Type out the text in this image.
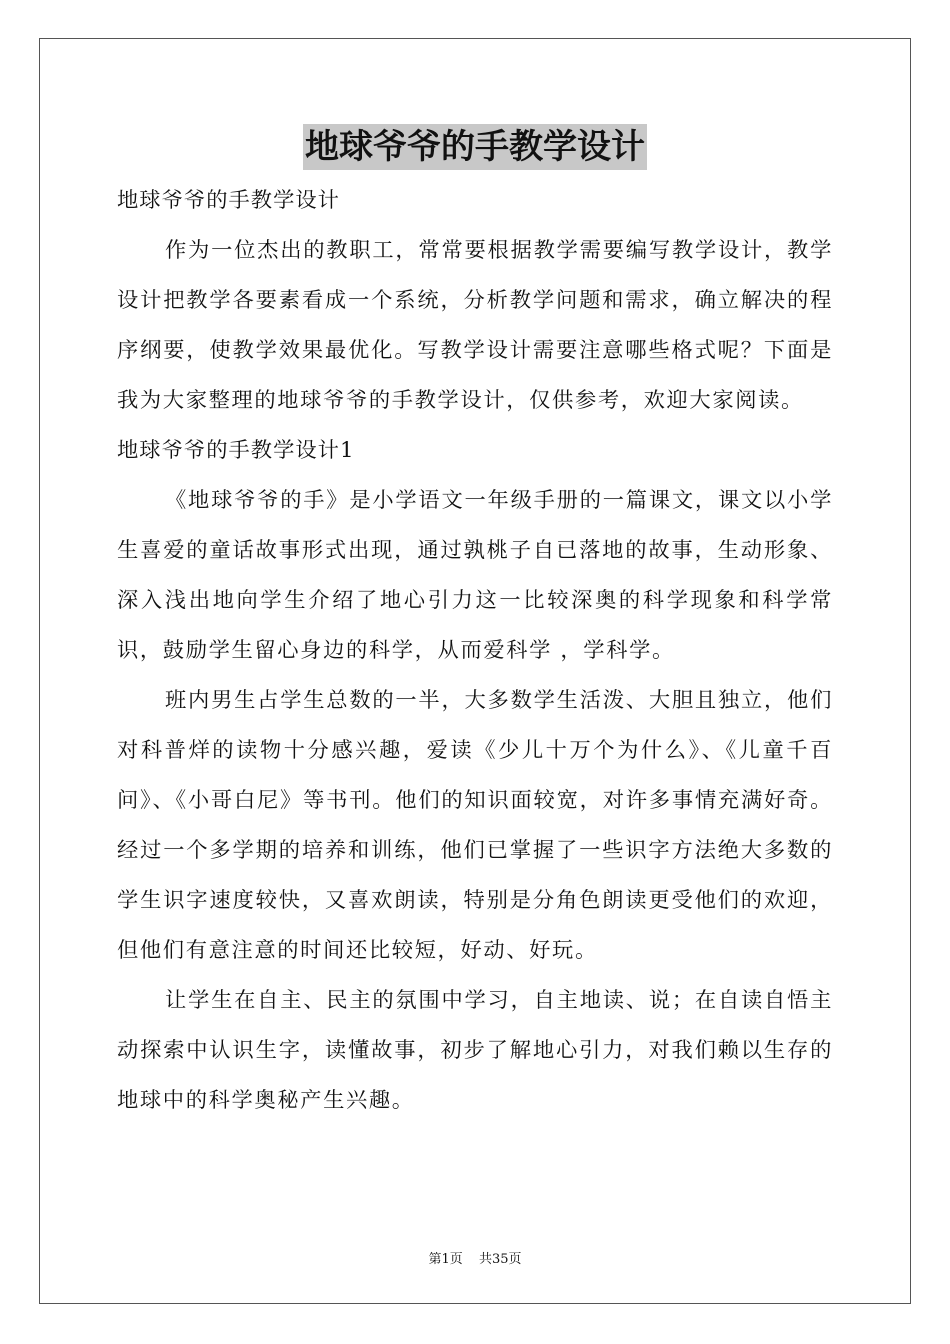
地球爷爷的手教学设计

地球爷爷的手教学设计

作为一位杰出的教职工，常常要根据教学需要编写教学设计，教学设计把教学各要素看成一个系统，分析教学问题和需求，确立解决的程序纲要，使教学效果最优化。写教学设计需要注意哪些格式呢？下面是我为大家整理的地球爷爷的手教学设计，仅供参考，欢迎大家阅读。

地球爷爷的手教学设计1

《地球爷爷的手》是小学语文一年级手册的一篇课文，课文以小学生喜爱的童话故事形式出现，通过孰桃子自已落地的故事，生动形象、深入浅出地向学生介绍了地心引力这一比较深奥的科学现象和科学常识，鼓励学生留心身边的科学，从而爱科学 ，学科学。

班内男生占学生总数的一半，大多数学生活泼、大胆且独立，他们对科普烊的读物十分感兴趣，爱读《少儿十万个为什么》、《儿童千百问》、《小哥白尼》等书刊。他们的知识面较宽，对许多事情充满好奇。经过一个多学期的培养和训练，他们已掌握了一些识字方法绝大多数的学生识字速度较快，又喜欢朗读，特别是分角色朗读更受他们的欢迎，但他们有意注意的时间还比较短，好动、好玩。

让学生在自主、民主的氛围中学习，自主地读、说；在自读自悟主动探索中认识生字，读懂故事，初步了解地心引力，对我们赖以生存的地球中的科学奥秘产生兴趣。

第1页 共35页
